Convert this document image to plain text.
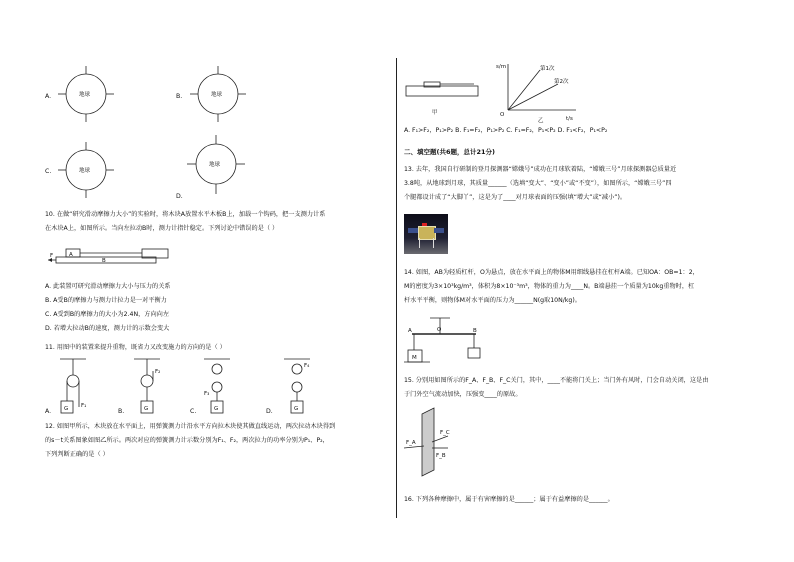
A.	地球	B.	地球
C.	地球
D.
地球
10. 在做“研究滑动摩擦力大小”的实验时，将木块A放置水平木板B上，加载一个钩码，把一支测力计系
在木块A上，如图所示。当向左拉动B时，测力计指针稳定。下列讨论中错误的是（ ）
F	A
B
A. 此装置可研究滑动摩擦力大小与压力的关系
B. A受B的摩擦力与测力计拉力是一对平衡力
C. A受到B的摩擦力的大小为2.4N，方向向左
D. 若增大拉动B的速度，测力计的示数会变大
11. 用图中的装置来提升重物，既省力又改变施力的方向的是（ ）
G F₁	G
F₂
G
F₃
G
F₄
A.	B.	C.	D.
12. 如图甲所示，木块放在水平面上，用弹簧测力计沿水平方向拉木块使其做直线运动，两次拉动木块得到
的s－t关系图象如图乙所示。两次对应的弹簧测力计示数分别为F₁、F₂，两次拉力的功率分别为P₁、P₂，
下列判断正确的是（ ）
甲
s/m
t/s
O
第1次
第2次
乙
A. F₁>F₂，P₁>P₂ B. F₁=F₂，P₁>P₂ C. F₁=F₂，P₁<P₂ D. F₁<F₂，P₁<P₂
二、填空题(共6题，总计21分)
13. 去年，我国自行研制的登月探测器“嫦娥号”成功在月球软着陆，“嫦娥三号”月球探测器总质量近
3.8吨，从地球到月球，其质量______（选填“变大”、“变小”或“不变”），如图所示，“嫦娥三号”四
个腿都设计成了“大脚丫”，这是为了____对月球表面的压强(填“增大”或“减小”)。
14. 如图，AB为轻质杠杆，O为悬点，放在水平面上的物体M用细线悬挂在杠杆A端。已知OA：OB=1：2，
M的密度为3×10³kg/m³，体积为8×10⁻³m³，物体的重力为____N。B端悬挂一个质量为10kg重物时，杠
杆水平平衡，则物体M对水平面的压力为______N(g取10N/kg)。
A	O	B
M
15. 分别用如图所示的F_A、F_B、F_C关门，其中，____不能将门关上；当门外有风时，门会自动关闭，这是由
于门外空气流动加快，压强变____的原故。
F_A
F_C
F_B
16. 下列各种摩擦中，属于有害摩擦的是______；属于有益摩擦的是______。
